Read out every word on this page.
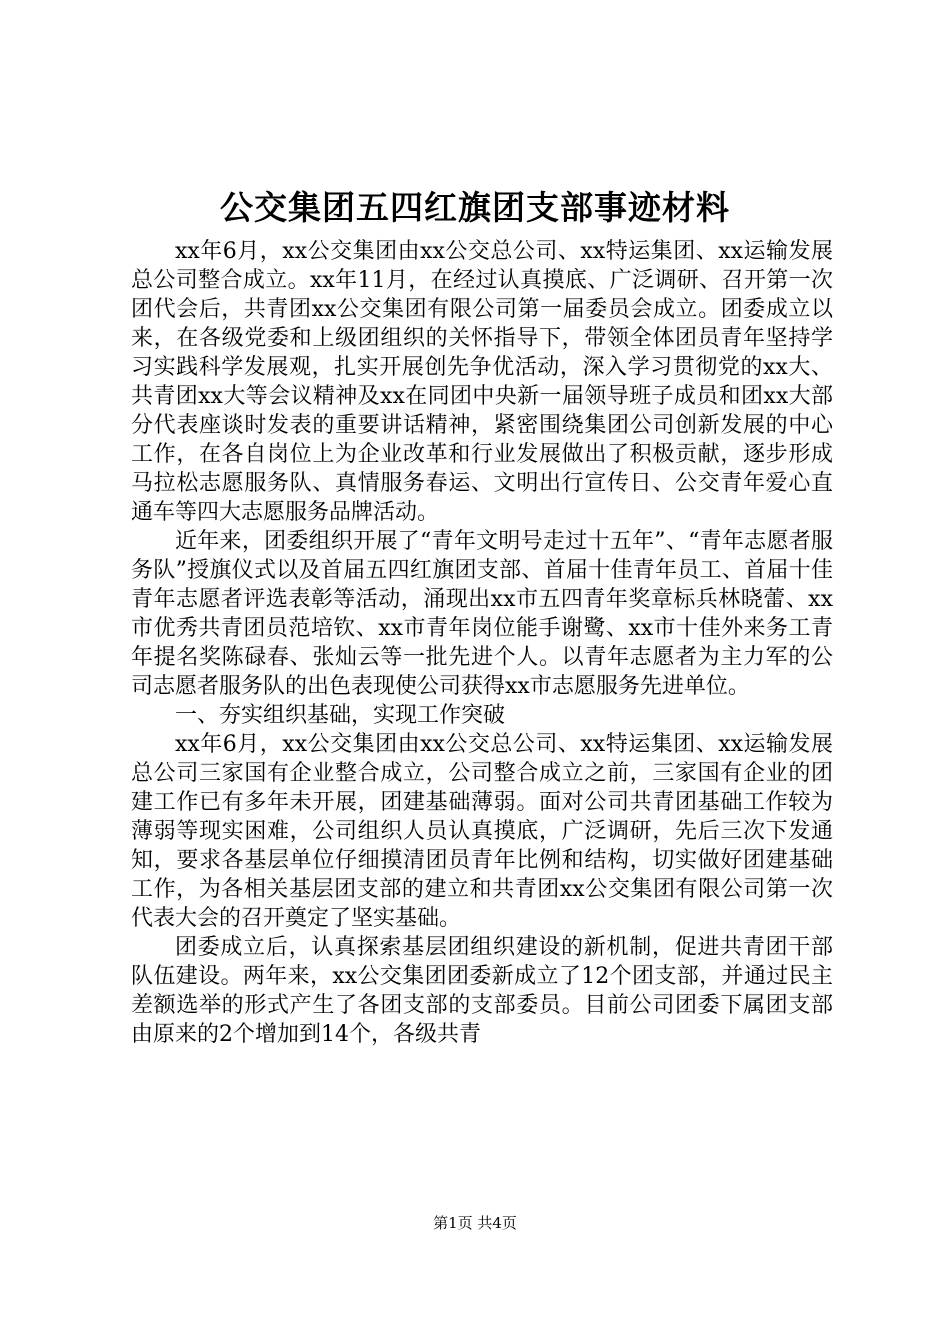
公交集团五四红旗团支部事迹材料

xx年6月，xx公交集团由xx公交总公司、xx特运集团、xx运输发展总公司整合成立。xx年11月，在经过认真摸底、广泛调研、召开第一次团代会后，共青团xx公交集团有限公司第一届委员会成立。团委成立以来，在各级党委和上级团组织的关怀指导下，带领全体团员青年坚持学习实践科学发展观，扎实开展创先争优活动，深入学习贯彻党的xx大、共青团xx大等会议精神及xx在同团中央新一届领导班子成员和团xx大部分代表座谈时发表的重要讲话精神，紧密围绕集团公司创新发展的中心工作，在各自岗位上为企业改革和行业发展做出了积极贡献，逐步形成马拉松志愿服务队、真情服务春运、文明出行宣传日、公交青年爱心直通车等四大志愿服务品牌活动。

近年来，团委组织开展了“青年文明号走过十五年”、“青年志愿者服务队”授旗仪式以及首届五四红旗团支部、首届十佳青年员工、首届十佳青年志愿者评选表彰等活动，涌现出xx市五四青年奖章标兵林晓蕾、xx市优秀共青团员范培钦、xx市青年岗位能手谢鹭、xx市十佳外来务工青年提名奖陈碌春、张灿云等一批先进个人。以青年志愿者为主力军的公司志愿者服务队的出色表现使公司获得xx市志愿服务先进单位。

一、夯实组织基础，实现工作突破

xx年6月，xx公交集团由xx公交总公司、xx特运集团、xx运输发展总公司三家国有企业整合成立，公司整合成立之前，三家国有企业的团建工作已有多年未开展，团建基础薄弱。面对公司共青团基础工作较为薄弱等现实困难，公司组织人员认真摸底，广泛调研，先后三次下发通知，要求各基层单位仔细摸清团员青年比例和结构，切实做好团建基础工作，为各相关基层团支部的建立和共青团xx公交集团有限公司第一次代表大会的召开奠定了坚实基础。

团委成立后，认真探索基层团组织建设的新机制，促进共青团干部队伍建设。两年来，xx公交集团团委新成立了12个团支部，并通过民主差额选举的形式产生了各团支部的支部委员。目前公司团委下属团支部由原来的2个增加到14个，各级共青

第1页 共4页
